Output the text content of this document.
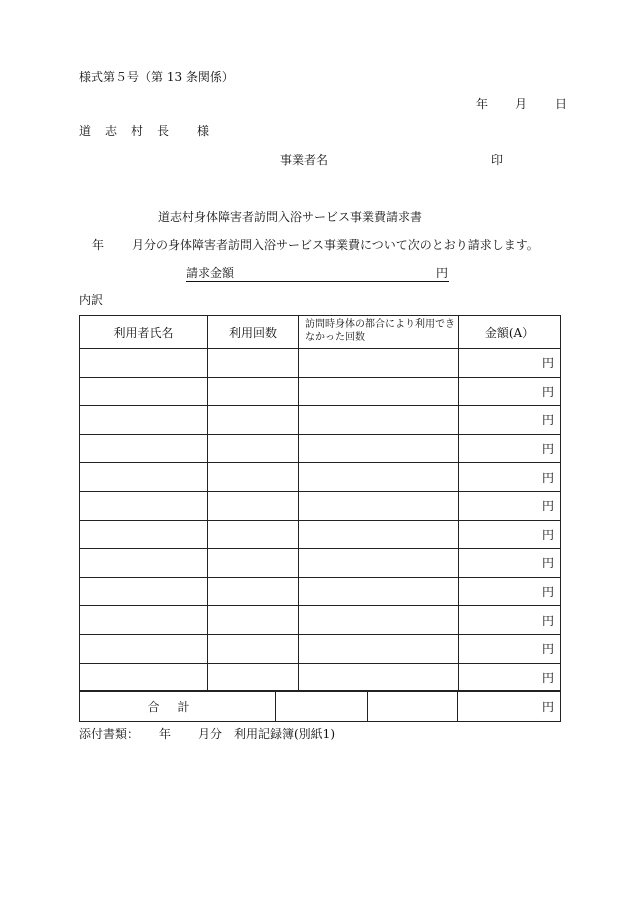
様式第５号（第 13 条関係）
年 月 日
道志村長 様
事業者名	印
道志村身体障害者訪問入浴サービス事業費請求書
年 月分の身体障害者訪問入浴サービス事業費について次のとおり請求します。
請求金額	円
内訳
利用者氏名	利用回数	訪問時身体の都合により利用できなかった回数	金額(A）
			円
			円
			円
			円
			円
			円
			円
			円
			円
			円
			円
			円
合計			円
添付書類： 年 月分　利用記録簿(別紙1)
